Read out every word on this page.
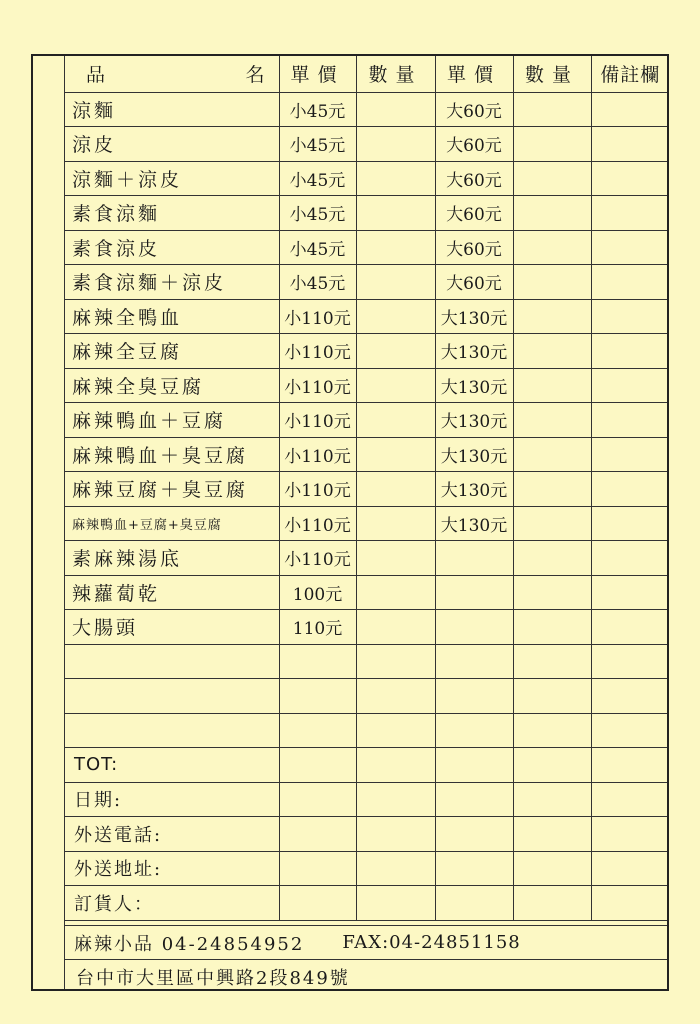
品 名	單價	數量	單價	數量	備註欄
涼麵	小45元		大60元		
涼皮	小45元		大60元		
涼麵＋涼皮	小45元		大60元		
素食涼麵	小45元		大60元		
素食涼皮	小45元		大60元		
素食涼麵＋涼皮	小45元		大60元		
麻辣全鴨血	小110元		大130元		
麻辣全豆腐	小110元		大130元		
麻辣全臭豆腐	小110元		大130元		
麻辣鴨血＋豆腐	小110元		大130元		
麻辣鴨血＋臭豆腐	小110元		大130元		
麻辣豆腐＋臭豆腐	小110元		大130元		
麻辣鴨血+豆腐+臭豆腐	小110元		大130元		
素麻辣湯底	小110元				
辣蘿蔔乾	100元				
大腸頭	110元				

TOT:					
日期:					
外送電話:					
外送地址:					
訂貨人：					
麻辣小品 04-24854952 FAX:04-24851158
台中市大里區中興路2段849號
